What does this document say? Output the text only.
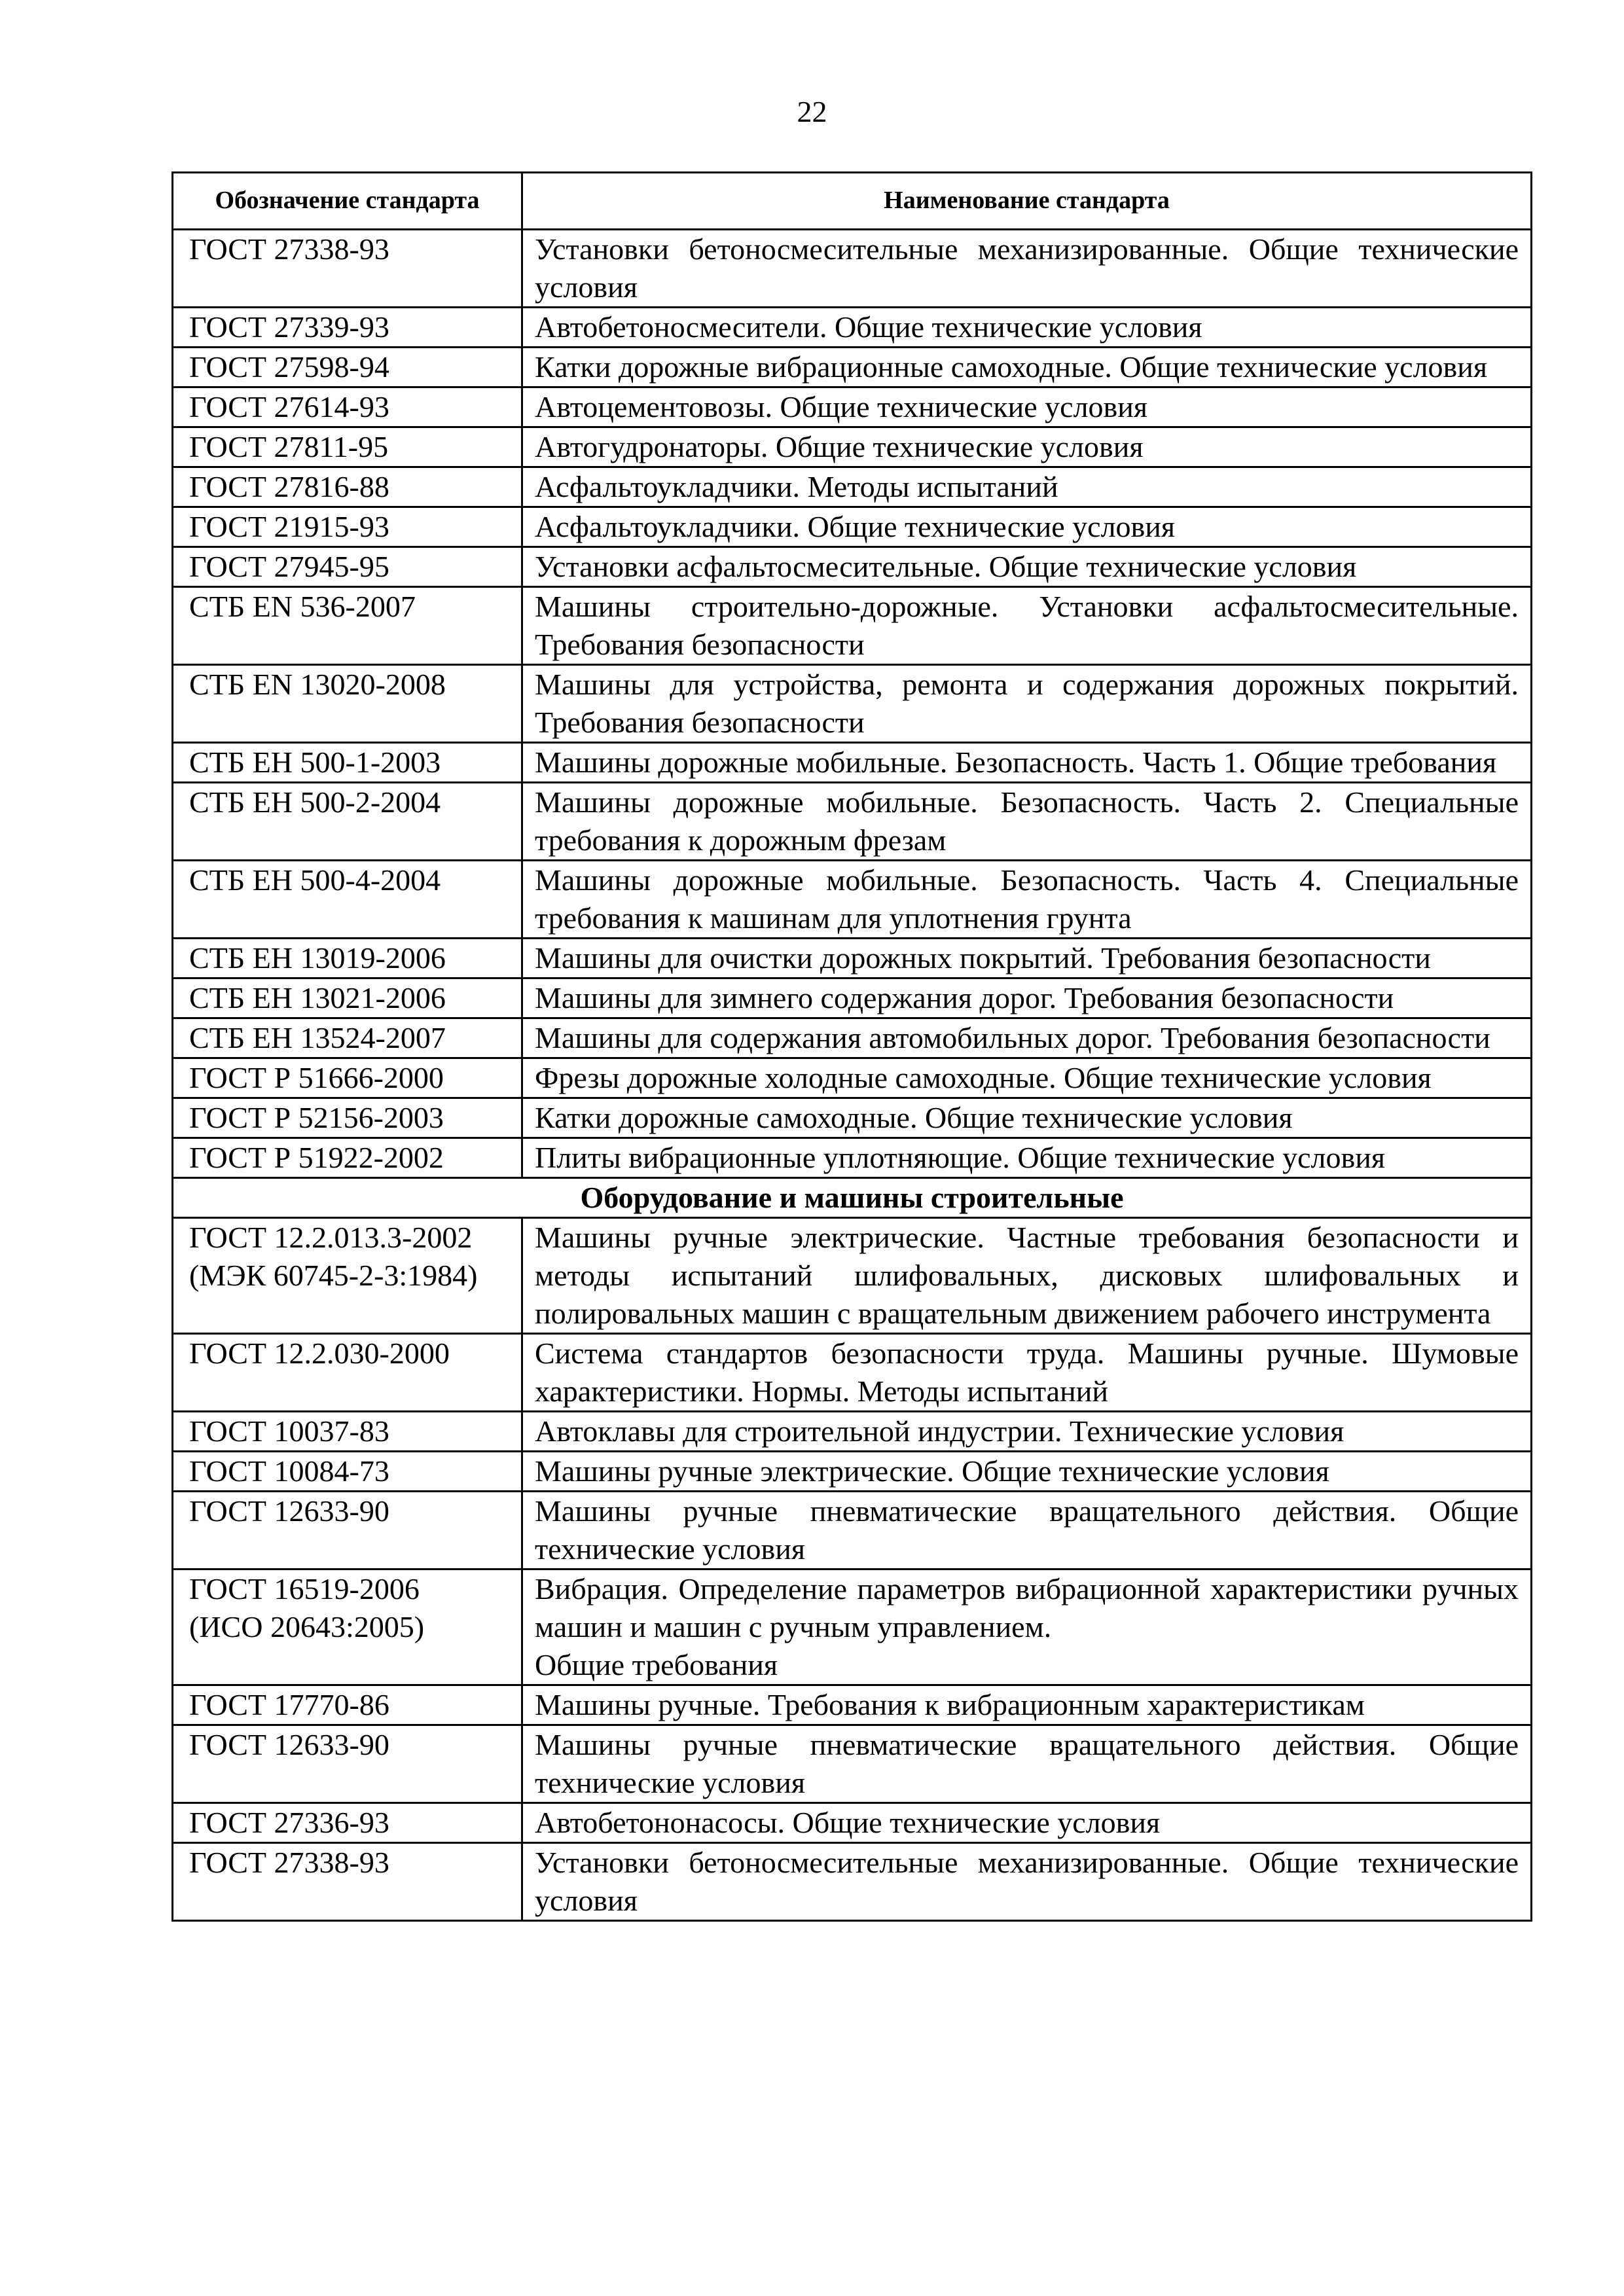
22
Обозначение стандарта	Наименование стандарта

ГОСТ 27338-93	Установки бетоносмесительные механизированные. Общие технические условия

ГОСТ 27339-93	Автобетоносмесители. Общие технические условия

ГОСТ 27598-94	Катки дорожные вибрационные самоходные. Общие технические условия

ГОСТ 27614-93	Автоцементовозы. Общие технические условия

ГОСТ 27811-95	Автогудронаторы. Общие технические условия

ГОСТ 27816-88	Асфальтоукладчики. Методы испытаний

ГОСТ 21915-93	Асфальтоукладчики. Общие технические условия

ГОСТ 27945-95	Установки асфальтосмесительные. Общие технические условия

СТБ EN 536-2007	Машины строительно-дорожные. Установки асфальтосмесительные. Требования безопасности

СТБ EN 13020-2008	Машины для устройства, ремонта и содержания дорожных покрытий. Требования безопасности

СТБ ЕН 500-1-2003	Машины дорожные мобильные. Безопасность. Часть 1. Общие требования

СТБ ЕН 500-2-2004	Машины дорожные мобильные. Безопасность. Часть 2. Специальные требования к дорожным фрезам

СТБ ЕН 500-4-2004	Машины дорожные мобильные. Безопасность. Часть 4. Специальные требования к машинам для уплотнения грунта

СТБ ЕН 13019-2006	Машины для очистки дорожных покрытий. Требования безопасности

СТБ ЕН 13021-2006	Машины для зимнего содержания дорог. Требования безопасности

СТБ ЕН 13524-2007	Машины для содержания автомобильных дорог. Требования безопасности

ГОСТ Р 51666-2000	Фрезы дорожные холодные самоходные. Общие технические условия

ГОСТ Р 52156-2003	Катки дорожные самоходные. Общие технические условия

ГОСТ Р 51922-2002	Плиты вибрационные уплотняющие. Общие технические условия

Оборудование и машины строительные	

ГОСТ 12.2.013.3-2002
(МЭК 60745-2-3:1984)	Машины ручные электрические. Частные требования безопасности и методы испытаний шлифовальных, дисковых шлифовальных и полировальных машин с вращательным движением рабочего инструмента

ГОСТ 12.2.030-2000	Система стандартов безопасности труда. Машины ручные. Шумовые характеристики. Нормы. Методы испытаний

ГОСТ 10037-83	Автоклавы для строительной индустрии. Технические условия

ГОСТ 10084-73	Машины ручные электрические. Общие технические условия

ГОСТ 12633-90	Машины ручные пневматические вращательного действия. Общие технические условия

ГОСТ 16519-2006
(ИСО 20643:2005)	Вибрация. Определение параметров вибрационной характеристики ручных машин и машин с ручным управлением.
Общие требования

ГОСТ 17770-86	Машины ручные. Требования к вибрационным характеристикам

ГОСТ 12633-90	Машины ручные пневматические вращательного действия. Общие технические условия

ГОСТ 27336-93	Автобетононасосы. Общие технические условия

ГОСТ 27338-93	Установки бетоносмесительные механизированные. Общие технические условия
